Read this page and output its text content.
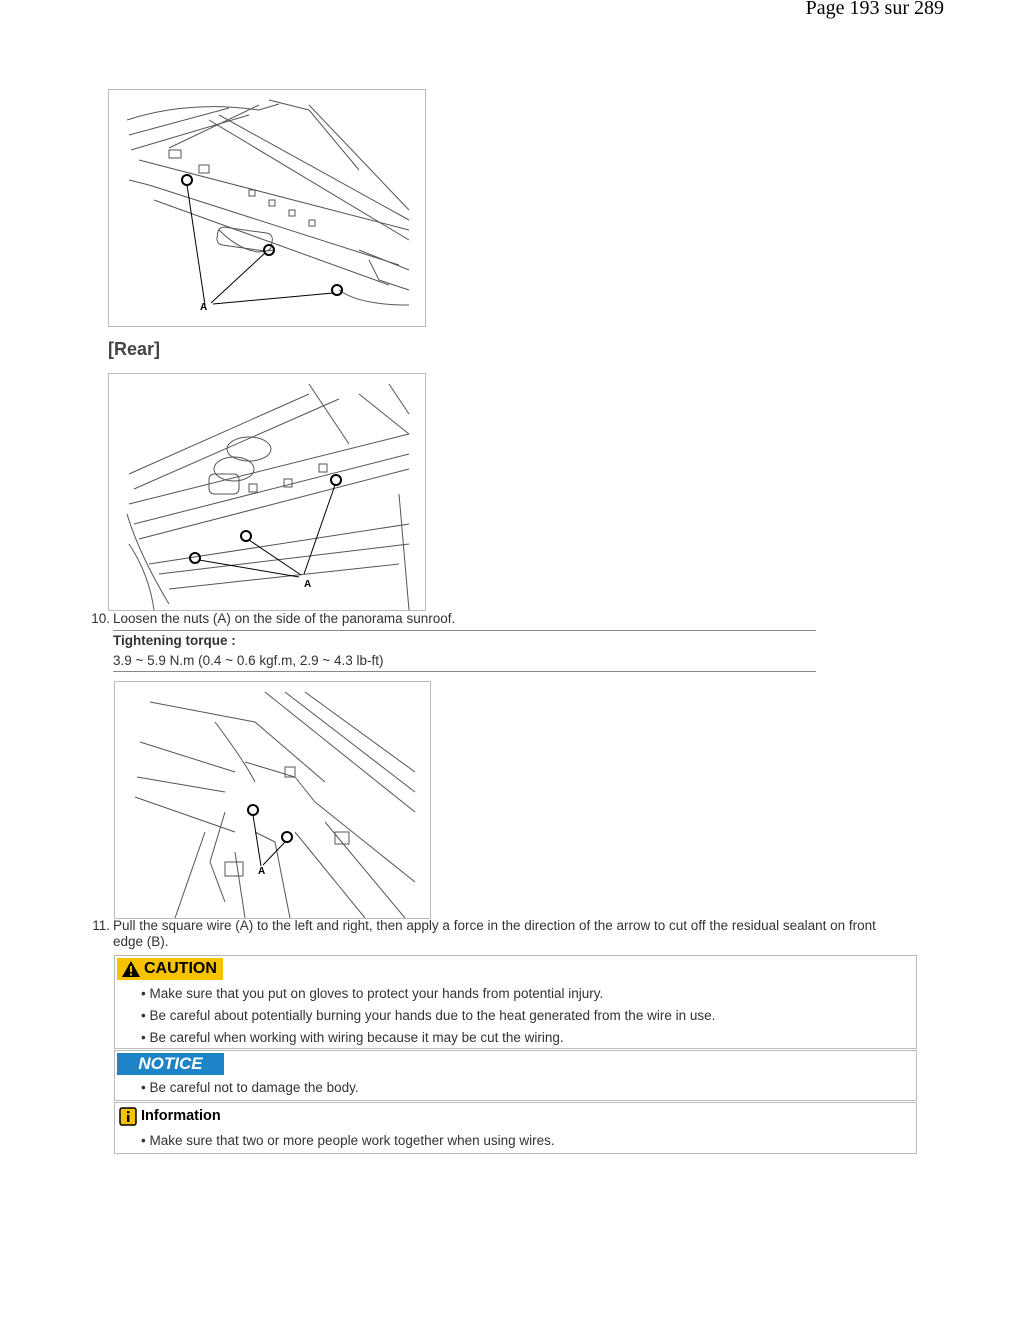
Page 193 sur 289
A
[Rear]
A
10. Loosen the nuts (A) on the side of the panorama sunroof.
Tightening torque :
3.9 ~ 5.9 N.m (0.4 ~ 0.6 kgf.m, 2.9 ~ 4.3 lb-ft)
A
11. Pull the square wire (A) to the left and right, then apply a force in the direction of the arrow to cut off the residual sealant on front
edge (B).
CAUTION
• Make sure that you put on gloves to protect your hands from potential injury.
• Be careful about potentially burning your hands due to the heat generated from the wire in use.
• Be careful when working with wiring because it may be cut the wiring.
NOTICE
• Be careful not to damage the body.
Information
• Make sure that two or more people work together when using wires.
